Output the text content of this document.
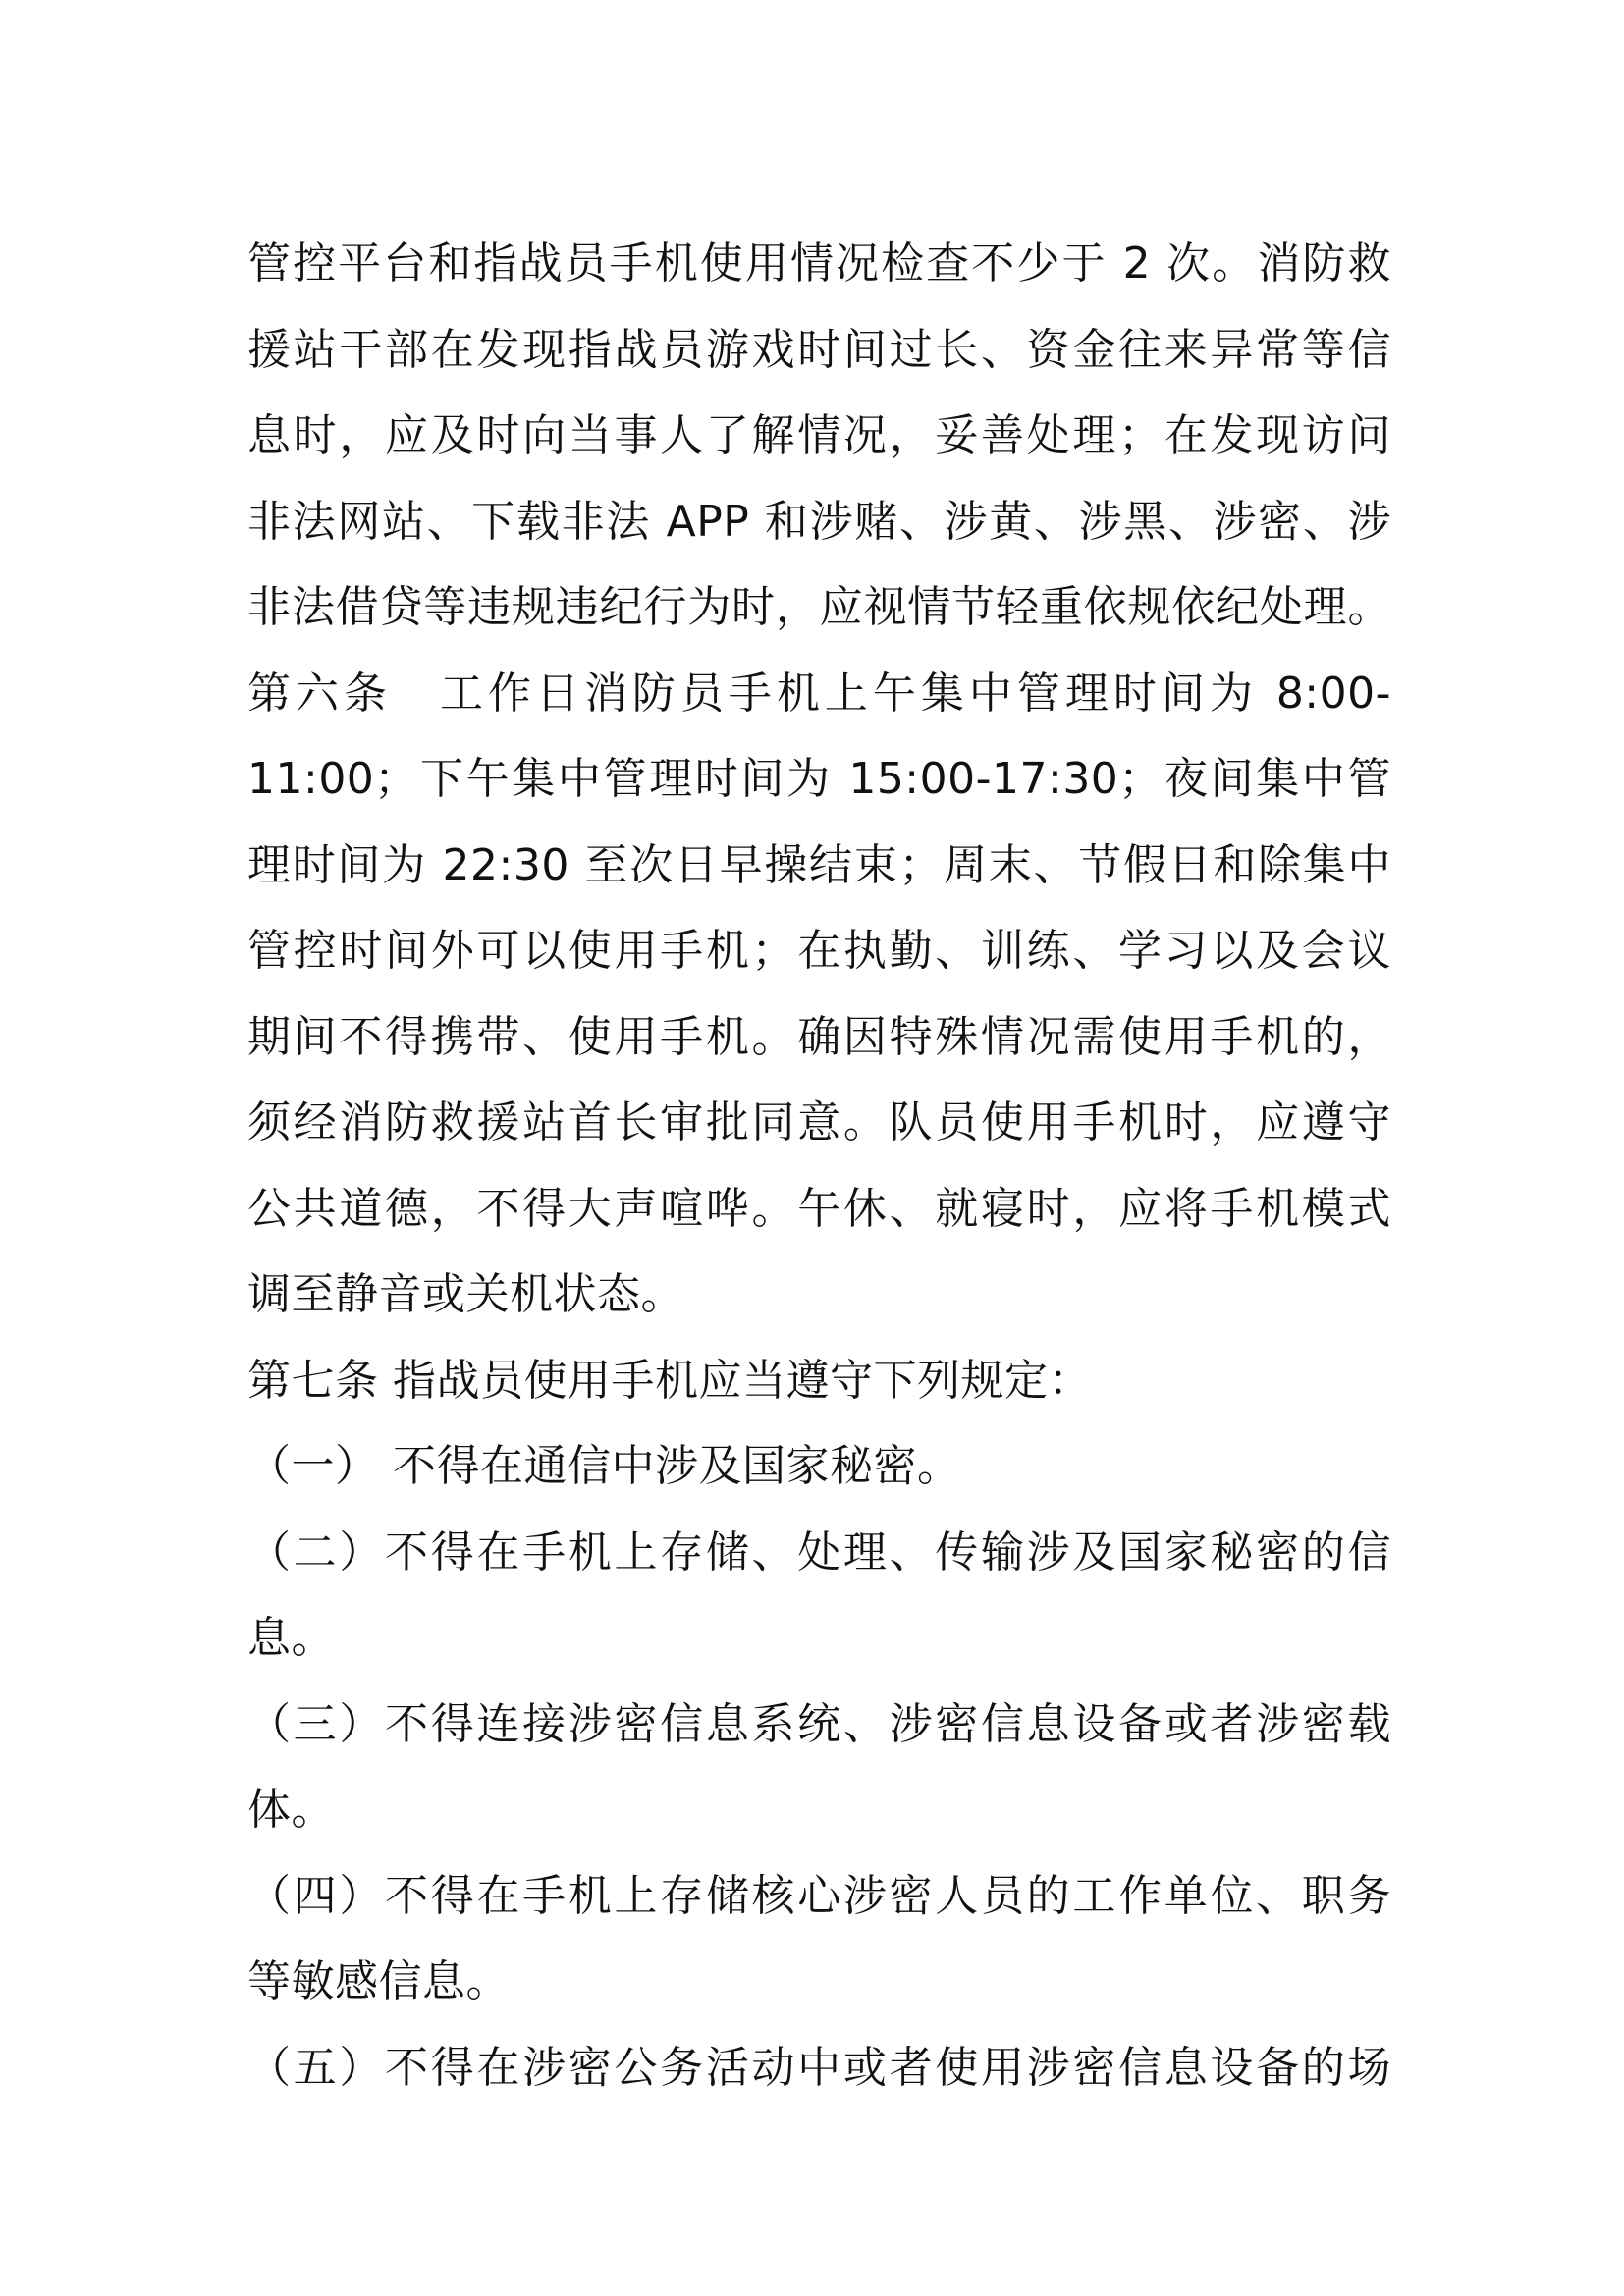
管控平台和指战员手机使用情况检查不少于 2 次。消防救
援站干部在发现指战员游戏时间过长、资金往来异常等信
息时，应及时向当事人了解情况，妥善处理；在发现访问
非法网站、下载非法 APP 和涉赌、涉黄、涉黑、涉密、涉
非法借贷等违规违纪行为时，应视情节轻重依规依纪处理。
第六条　工作日消防员手机上午集中管理时间为 8:00-
11:00；下午集中管理时间为 15:00-17:30；夜间集中管
理时间为 22:30 至次日早操结束；周末、节假日和除集中
管控时间外可以使用手机；在执勤、训练、学习以及会议
期间不得携带、使用手机。确因特殊情况需使用手机的，
须经消防救援站首长审批同意。队员使用手机时，应遵守
公共道德，不得大声喧哗。午休、就寝时，应将手机模式
调至静音或关机状态。
第七条 指战员使用手机应当遵守下列规定：
（一） 不得在通信中涉及国家秘密。
（二）不得在手机上存储、处理、传输涉及国家秘密的信
息。
（三）不得连接涉密信息系统、涉密信息设备或者涉密载
体。
（四）不得在手机上存储核心涉密人员的工作单位、职务
等敏感信息。
（五）不得在涉密公务活动中或者使用涉密信息设备的场
